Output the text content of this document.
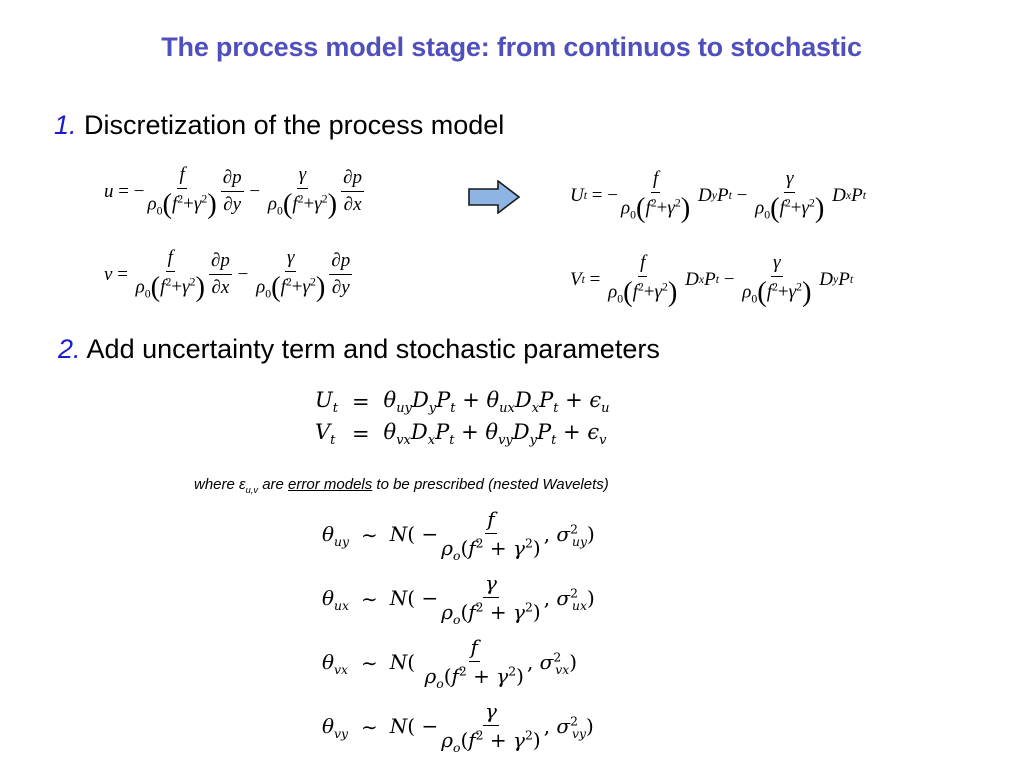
The process model stage: from continuos to stochastic
1. Discretization of the process model
u = − $\frac{f}{\rho_0(f^2+\gamma^2)} \frac{\partial p}{\partial y} - \frac{\gamma}{\rho_0(f^2+\gamma^2)} \frac{\partial p}{\partial x}$
$v = \frac{f}{\rho_0(f^2+\gamma^2)} \frac{\partial p}{\partial x} - \frac{\gamma}{\rho_0(f^2+\gamma^2)} \frac{\partial p}{\partial y}$
U t = − $\frac{f}{\rho_0(f^2+\gamma^2)}$
D y P $t - \frac{\gamma}{\rho_0(f^2+\gamma^2)}$
D x P t
V $t = \frac{f}{\rho_0(f^2+\gamma^2)}$
D x P $t - \frac{\gamma}{\rho_0(f^2+\gamma^2)}$
D y P t
2. Add uncertainty term and stochastic parameters
$U_t$	=	$\theta_{uy}D_yP_t + \theta_{ux}D_xP_t + \epsilon_u$
$V_t$	=	$\theta_{vx}D_xP_t + \theta_{vy}D_yP_t + \epsilon_v$
where $\varepsilon_{u,v}$ are error models to be prescribed (nested Wavelets)
$\theta_{uy}$	∼	$N( - \frac{f}{\rho_o(f^2 + \gamma^2)}$ , $\sigma^2_{uy}$)
$\theta_{ux}$	∼	$N( - \frac{\gamma}{\rho_o(f^2 + \gamma^2)}$ , $\sigma^2_{ux}$)
$\theta_{vx}$	∼	$N( \frac{f}{\rho_o(f^2 + \gamma^2)}$ , $\sigma^2_{vx}$)
$\theta_{vy}$	∼	$N( - \frac{\gamma}{\rho_o(f^2 + \gamma^2)}$ , $\sigma^2_{vy}$)
